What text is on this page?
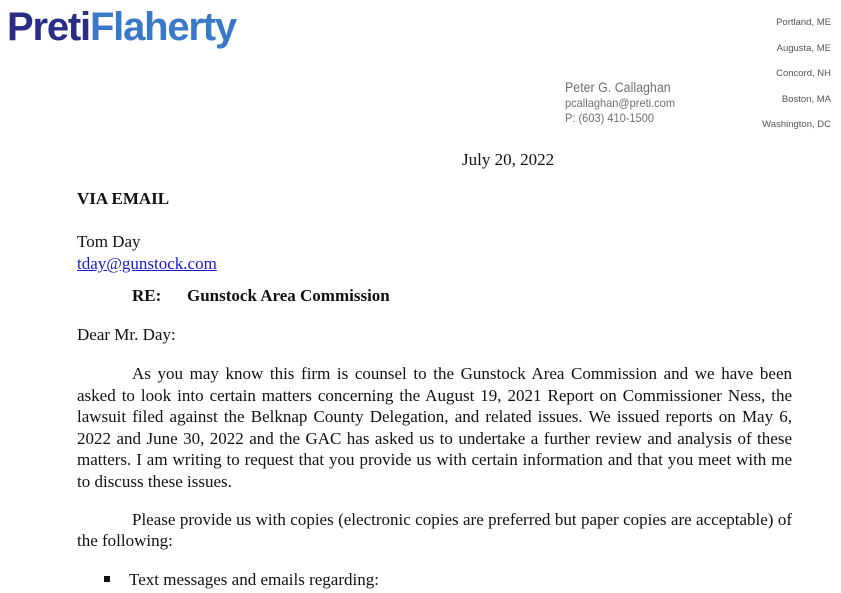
PretiFlaherty	Portland, ME
Augusta, ME
Concord, NH
Boston, MA
Washington, DC
Peter G. Callaghan
pcallaghan@preti.com
P: (603) 410-1500
July 20, 2022
VIA EMAIL
Tom Day
tday@gunstock.com
RE: Gunstock Area Commission
Dear Mr. Day:
As you may know this firm is counsel to the Gunstock Area Commission and we have been asked to look into certain matters concerning the August 19, 2021 Report on Commissioner Ness, the lawsuit filed against the Belknap County Delegation, and related issues. We issued reports on May 6, 2022 and June 30, 2022 and the GAC has asked us to undertake a further review and analysis of these matters. I am writing to request that you provide us with certain information and that you meet with me to discuss these issues.
Please provide us with copies (electronic copies are preferred but paper copies are acceptable) of the following:
Text messages and emails regarding:
